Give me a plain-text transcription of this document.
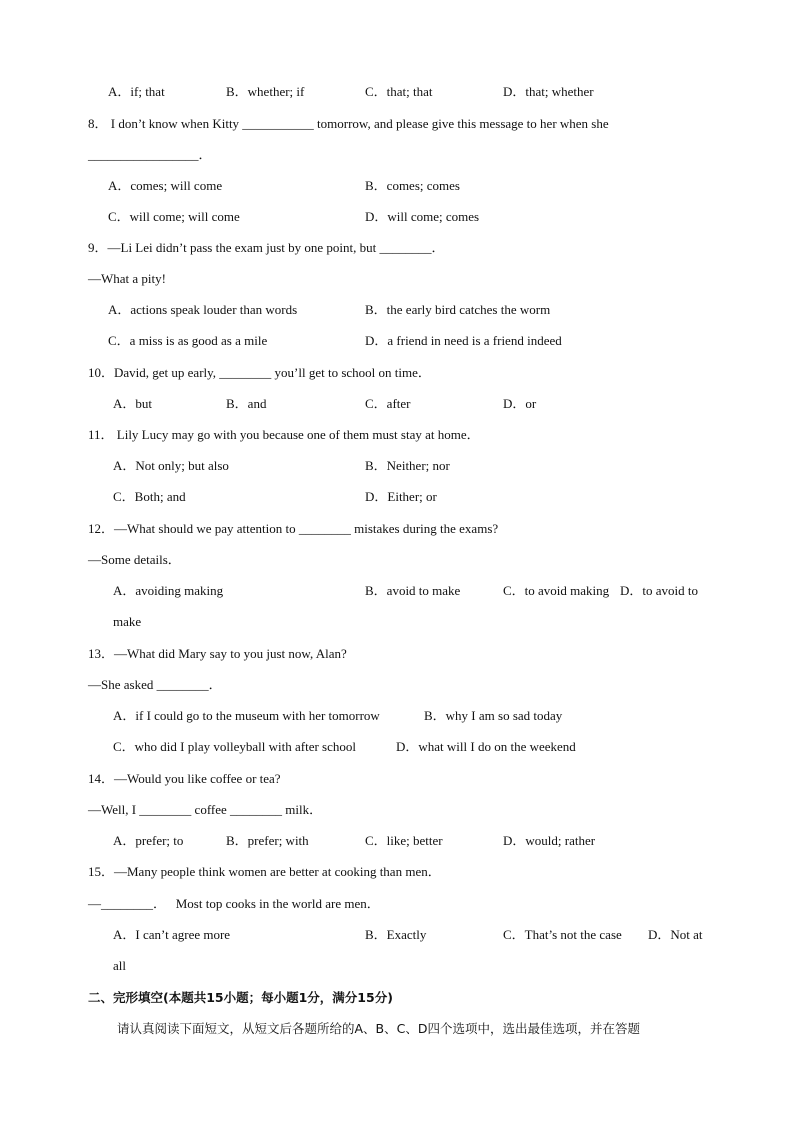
A．if; that	B．whether; if	C．that; that	D．that; whether
8． I don’t know when Kitty ___________ tomorrow, and please give this message to her when she
_________________．
A．comes; will come	B．comes; comes
C．will come; will come	D．will come; comes
9．—Li Lei didn’t pass the exam just by one point, but ________．
—What a pity!
A．actions speak louder than words	B．the early bird catches the worm
C．a miss is as good as a mile	D．a friend in need is a friend indeed
10．David, get up early, ________ you’ll get to school on time．
A．but	B．and	C．after	D．or
11． Lily Lucy may go with you because one of them must stay at home．
A．Not only; but also	B．Neither; nor
C．Both; and	D．Either; or
12．—What should we pay attention to ________ mistakes during the exams?
—Some details．
A．avoiding making	B．avoid to make	C．to avoid making D．to avoid to
make
13．—What did Mary say to you just now, Alan?
—She asked ________．
A．if I could go to the museum with her tomorrow	B．why I am so sad today
C．who did I play volleyball with after school	D．what will I do on the weekend
14．—Would you like coffee or tea?
—Well, I ________ coffee ________ milk．
A．prefer; to	B．prefer; with	C．like; better	D．would; rather
15．—Many people think women are better at cooking than men．
—________．   Most top cooks in the world are men．
A．I can’t agree more	B．Exactly	C．That’s not the case D．Not at
all
二、完形填空(本题共15小题；每小题1分，满分15分)
请认真阅读下面短文，从短文后各题所给的A、B、C、D四个选项中，选出最佳选项，并在答题
